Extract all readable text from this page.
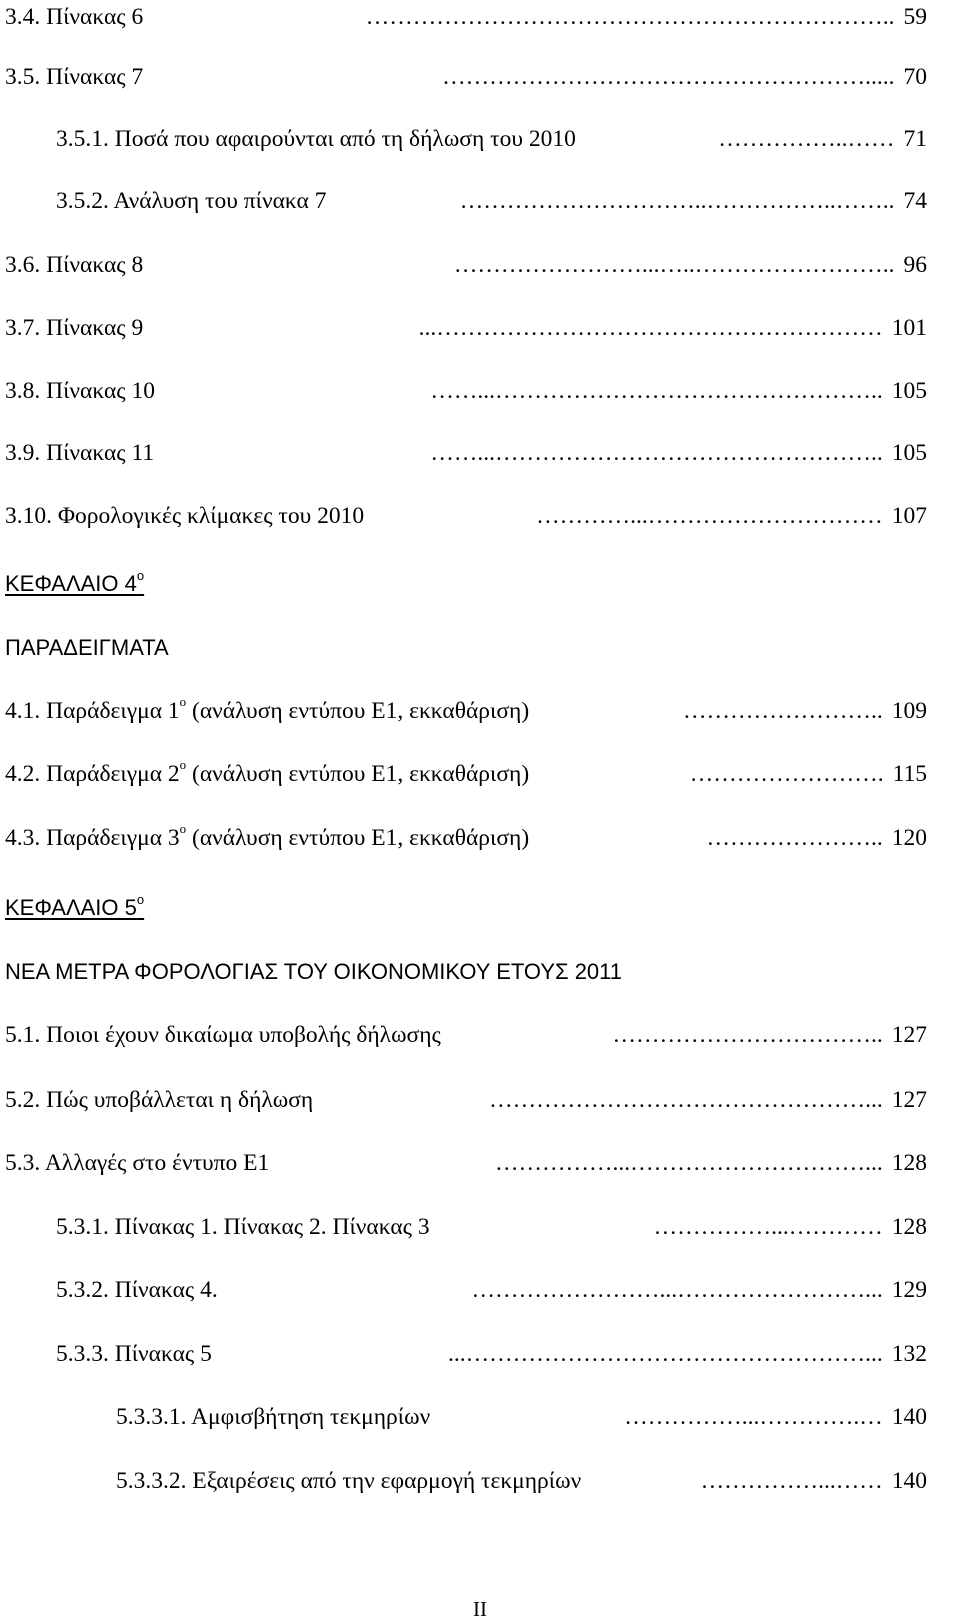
3.4. Πίνακας 6	………………………………………………………….. 59
3.5. Πίνακας 7	………………………………………………..... 70
3.5.1. Ποσά που αφαιρούνται από τη δήλωση του 2010	……………..…… 71
3.5.2. Ανάλυση του πίνακα 7	…………………………..……………..…….. 74
3.6. Πίνακας 8	……………………...…..…………………….. 96
3.7. Πίνακας 9	...………………………………………………… 101
3.8. Πίνακας 10	……...………………………………………….. 105
3.9. Πίνακας 11	……...………………………………………….. 105
3.10. Φορολογικές κλίμακες του 2010	…………...………………………… 107
ΚΕΦΑΛΑΙΟ $4^o$
ΠΑΡΑΔΕΙΓΜΑΤΑ
4.1. Παράδειγμα $1^o$ (ανάλυση εντύπου Ε1, εκκαθάριση)	…………………….. 109
4.2. Παράδειγμα $2^o$ (ανάλυση εντύπου Ε1, εκκαθάριση)	……………………. 115
4.3. Παράδειγμα $3^o$ (ανάλυση εντύπου Ε1, εκκαθάριση)	………………….. 120
ΚΕΦΑΛΑΙΟ $5^o$
ΝΕΑ ΜΕΤΡΑ ΦΟΡΟΛΟΓΙΑΣ ΤΟΥ ΟΙΚΟΝΟΜΙΚΟΥ ΕΤΟΥΣ 2011
5.1. Ποιοι έχουν δικαίωμα υποβολής δήλωσης	…………………………….. 127
5.2. Πώς υποβάλλεται η δήλωση	…………………………………………... 127
5.3. Αλλαγές στο έντυπο Ε1	……………...…………………………... 128
5.3.1. Πίνακας 1. Πίνακας 2. Πίνακας 3	……………...………… 128
5.3.2. Πίνακας 4.	……………………...……………………... 129
5.3.3. Πίνακας 5	...……………………………………………... 132
5.3.3.1. Αμφισβήτηση τεκμηρίων	……………...………….… 140
5.3.3.2. Εξαιρέσεις από την εφαρμογή τεκμηρίων	……………...…… 140
II
